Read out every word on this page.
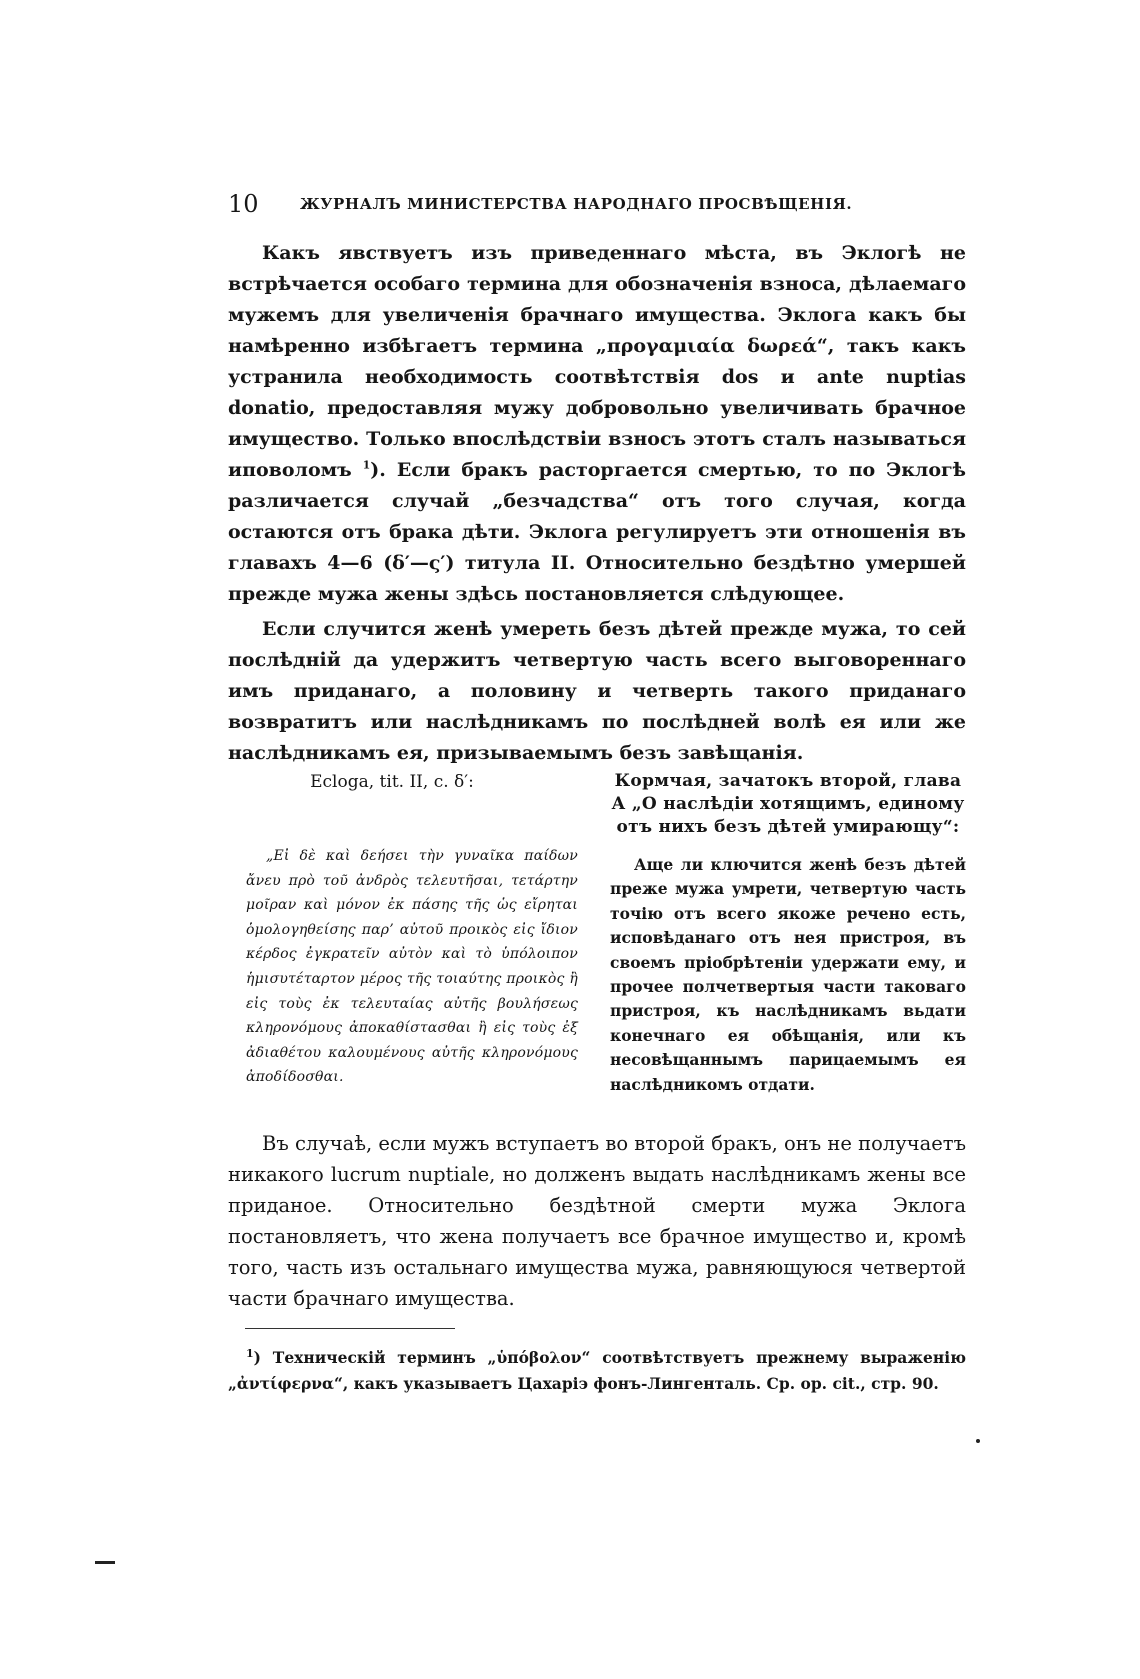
10	ЖУРНАЛЪ МИНИСТЕРСТВА НАРОДНАГО ПРОСВѢЩЕНІЯ.

Какъ явствуетъ изъ приведеннаго мѣста, въ Эклогѣ не встрѣчается особаго термина для обозначенія взноса, дѣлаемаго мужемъ для увеличенія брачнаго имущества. Эклога какъ бы намѣренно избѣгаетъ термина „προγαμιαία δωρεά“, такъ какъ устранила необходимость соотвѣтствія dos и ante nuptias donatio, предоставляя мужу добровольно увеличивать брачное имущество. Только впослѣдствіи взносъ этотъ сталъ называться иповоломъ $^1$). Если бракъ расторгается смертью, то по Эклогѣ различается случай „безчадства“ отъ того случая, когда остаются отъ брака дѣти. Эклога регулируетъ эти отношенія въ главахъ 4—6 (δ′—ς′) титула II. Относительно бездѣтно умершей прежде мужа жены здѣсь постановляется слѣдующее.

Если случится женѣ умереть безъ дѣтей прежде мужа, то сей послѣдній да удержитъ четвертую часть всего выговореннаго имъ приданаго, а половину и четверть такого приданаго возвратитъ или наслѣдникамъ по послѣдней волѣ ея или же наслѣдникамъ ея, призываемымъ безъ завѣщанія.

Ecloga, tit. II, c. δ′:

„Εἰ δὲ καὶ δεήσει τὴν γυναῖκα παίδων ἄνευ πρὸ τοῦ ἀνδρὸς τελευτῆσαι, τετάρτην μοῖραν καὶ μόνον ἐκ πάσης τῆς ὡς εἴρηται ὁμολογηθείσης παρ’ αὐτοῦ προικὸς εἰς ἴδιον κέρδος ἐγκρατεῖν αὐτὸν καὶ τὸ ὑπόλοιπον ἡμισυτέταρτον μέρος τῆς τοιαύτης προικὸς ἢ εἰς τοὺς ἐκ τελευταίας αὐτῆς βουλήσεως κληρονόμους ἀποκαθίστασθαι ἢ εἰς τοὺς ἐξ ἀδιαθέτου καλουμένους αὐτῆς κληρονόμους ἀποδίδοσθαι.

Кормчая, зачатокъ второй, глава А „О наслѣдіи хотящимъ, единому отъ нихъ безъ дѣтей умирающу“:

Аще ли ключится женѣ безъ дѣтей преже мужа умрети, четвертую часть точію отъ всего якоже речено есть, исповѣданаго отъ нея пристроя, въ своемъ пріобрѣтеніи удержати ему, и прочее полчетвертыя части таковаго пристроя, къ наслѣдникамъ вьдати конечнаго ея обѣщанія, или къ несовѣщаннымъ парицаемымъ ея наслѣдникомъ отдати.

Въ случаѣ, если мужъ вступаетъ во второй бракъ, онъ не получаетъ никакого lucrum nuptiale, но долженъ выдать наслѣдникамъ жены все приданое. Относительно бездѣтной смерти мужа Эклога постановляетъ, что жена получаетъ все брачное имущество и, кромѣ того, часть изъ остальнаго имущества мужа, равняющуюся четвертой части брачнаго имущества.

$^1$) Техническій терминъ „ὑπόβολον“ соотвѣтствуетъ прежнему выраженію „ἀντίφερνα“, какъ указываетъ Цахаріэ фонъ-Лингенталь. Ср. op. cit., стр. 90.
